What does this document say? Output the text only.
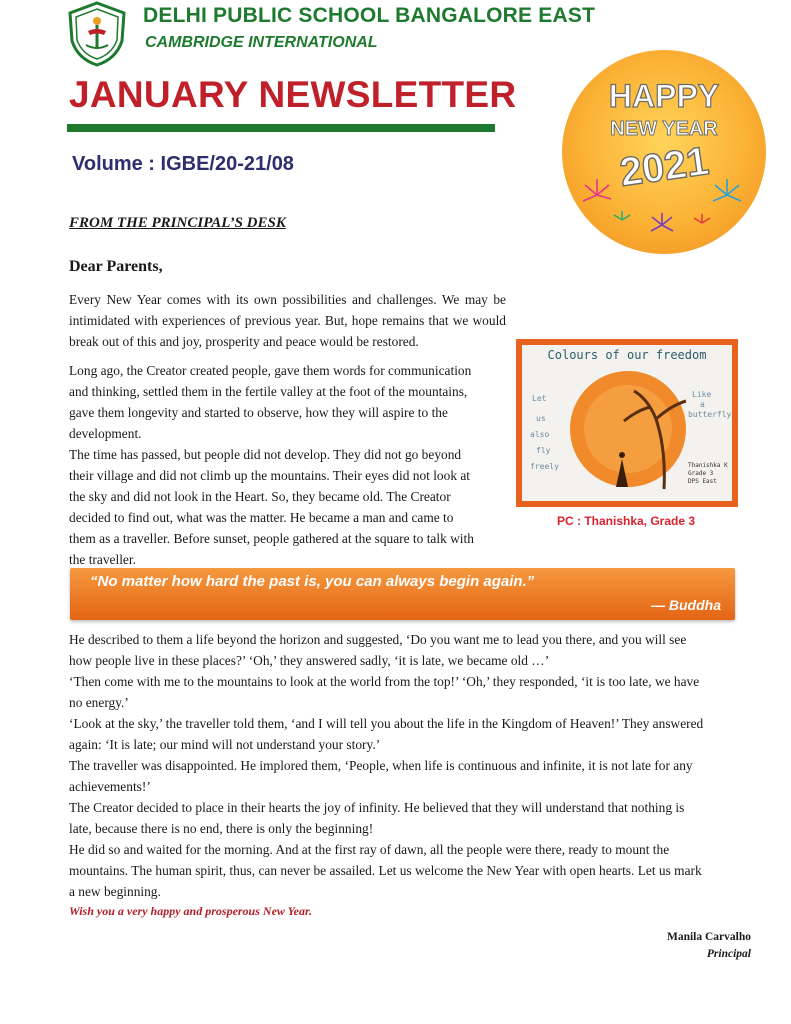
DELHI PUBLIC SCHOOL BANGALORE EAST
CAMBRIDGE INTERNATIONAL
JANUARY NEWSLETTER
Volume : IGBE/20-21/08
HAPPY
NEW YEAR
2021
FROM THE PRINCIPAL’S DESK
Dear Parents,
Every New Year comes with its own possibilities and challenges. We may be intimidated with experiences of previous year. But, hope remains that we would break out of this and joy, prosperity and peace would be restored.
Long ago, the Creator created people, gave them words for communication
and thinking, settled them in the fertile valley at the foot of the mountains,
gave them longevity and started to observe, how they will aspire to the
development.
The time has passed, but people did not develop. They did not go beyond
their village and did not climb up the mountains. Their eyes did not look at
the sky and did not look in the Heart. So, they became old. The Creator
decided to find out, what was the matter. He became a man and came to
them as a traveller. Before sunset, people gathered at the square to talk with
the traveller.
Colours of our freedom
Let
us
also
fly
freely
Like
a
butterfly
Thanishka K
Grade 3
DPS East
PC : Thanishka, Grade 3
“No matter how hard the past is, you can always begin again.”
— Buddha
He described to them a life beyond the horizon and suggested, ‘Do you want me to lead you there, and you will see
how people live in these places?’ ‘Oh,’ they answered sadly, ‘it is late, we became old …’
‘Then come with me to the mountains to look at the world from the top!’ ‘Oh,’ they responded, ‘it is too late, we have
no energy.’
‘Look at the sky,’ the traveller told them, ‘and I will tell you about the life in the Kingdom of Heaven!’ They answered
again: ‘It is late; our mind will not understand your story.’
The traveller was disappointed. He implored them, ‘People, when life is continuous and infinite, it is not late for any
achievements!’
The Creator decided to place in their hearts the joy of infinity. He believed that they will understand that nothing is
late, because there is no end, there is only the beginning!
He did so and waited for the morning. And at the first ray of dawn, all the people were there, ready to mount the
mountains. The human spirit, thus, can never be assailed. Let us welcome the New Year with open hearts. Let us mark
a new beginning.
Wish you a very happy and prosperous New Year.
Manila Carvalho
Principal
